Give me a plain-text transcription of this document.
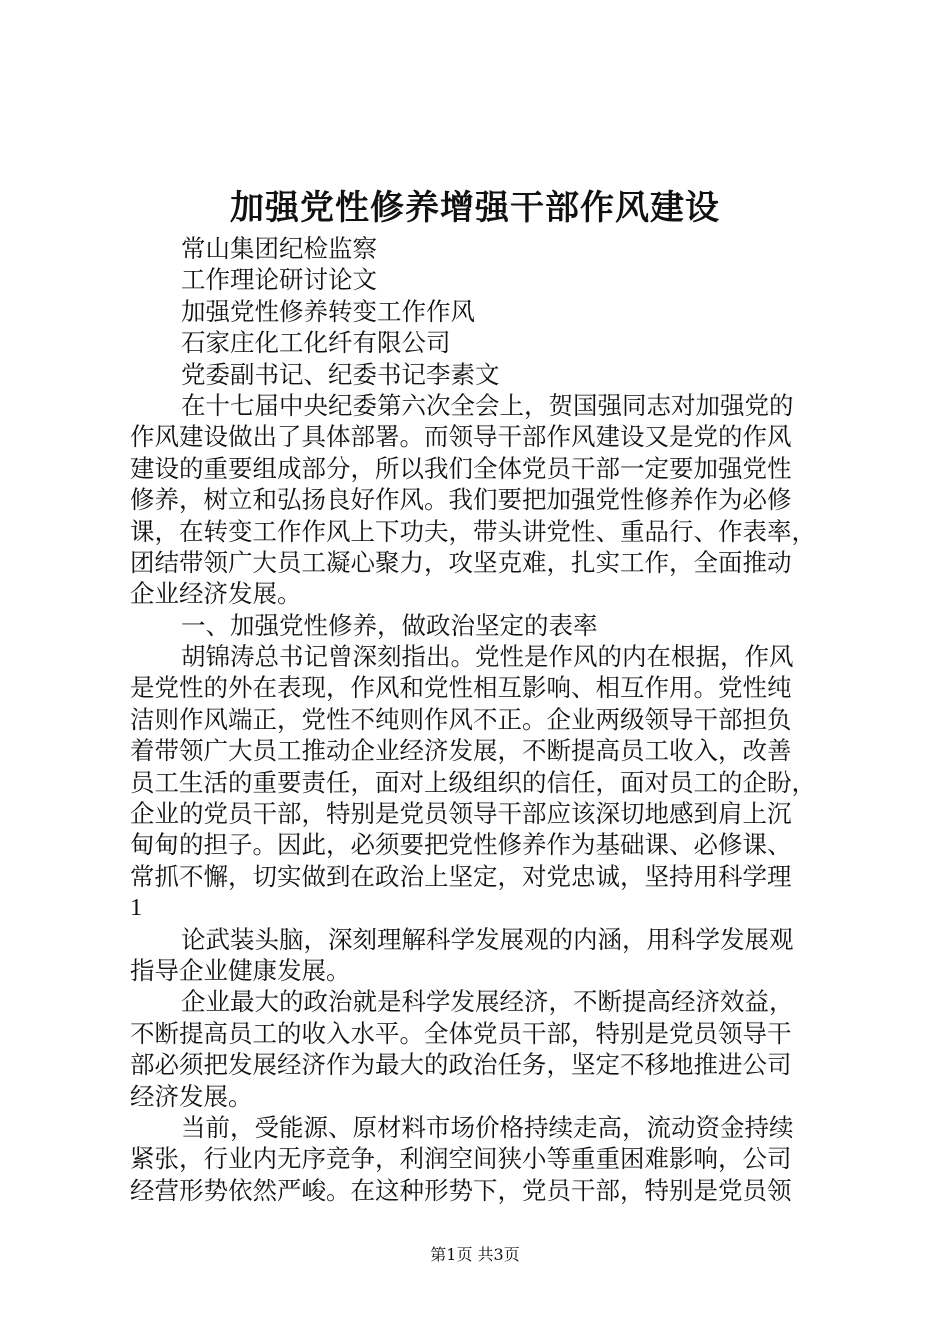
加强党性修养增强干部作风建设

常山集团纪检监察

工作理论研讨论文

加强党性修养转变工作作风

石家庄化工化纤有限公司

党委副书记、纪委书记李素文

在十七届中央纪委第六次全会上，贺国强同志对加强党的

作风建设做出了具体部署。而领导干部作风建设又是党的作风

建设的重要组成部分，所以我们全体党员干部一定要加强党性

修养，树立和弘扬良好作风。我们要把加强党性修养作为必修

课，在转变工作作风上下功夫，带头讲党性、重品行、作表率，

团结带领广大员工凝心聚力，攻坚克难，扎实工作，全面推动

企业经济发展。

一、加强党性修养，做政治坚定的表率

胡锦涛总书记曾深刻指出。党性是作风的内在根据，作风

是党性的外在表现，作风和党性相互影响、相互作用。党性纯

洁则作风端正，党性不纯则作风不正。企业两级领导干部担负

着带领广大员工推动企业经济发展，不断提高员工收入，改善

员工生活的重要责任，面对上级组织的信任，面对员工的企盼，

企业的党员干部，特别是党员领导干部应该深切地感到肩上沉

甸甸的担子。因此，必须要把党性修养作为基础课、必修课、

常抓不懈，切实做到在政治上坚定，对党忠诚，坚持用科学理

1

论武装头脑，深刻理解科学发展观的内涵，用科学发展观

指导企业健康发展。

企业最大的政治就是科学发展经济，不断提高经济效益，

不断提高员工的收入水平。全体党员干部，特别是党员领导干

部必须把发展经济作为最大的政治任务，坚定不移地推进公司

经济发展。

当前，受能源、原材料市场价格持续走高，流动资金持续

紧张，行业内无序竞争，利润空间狭小等重重困难影响，公司

经营形势依然严峻。在这种形势下，党员干部，特别是党员领

第1页 共3页
